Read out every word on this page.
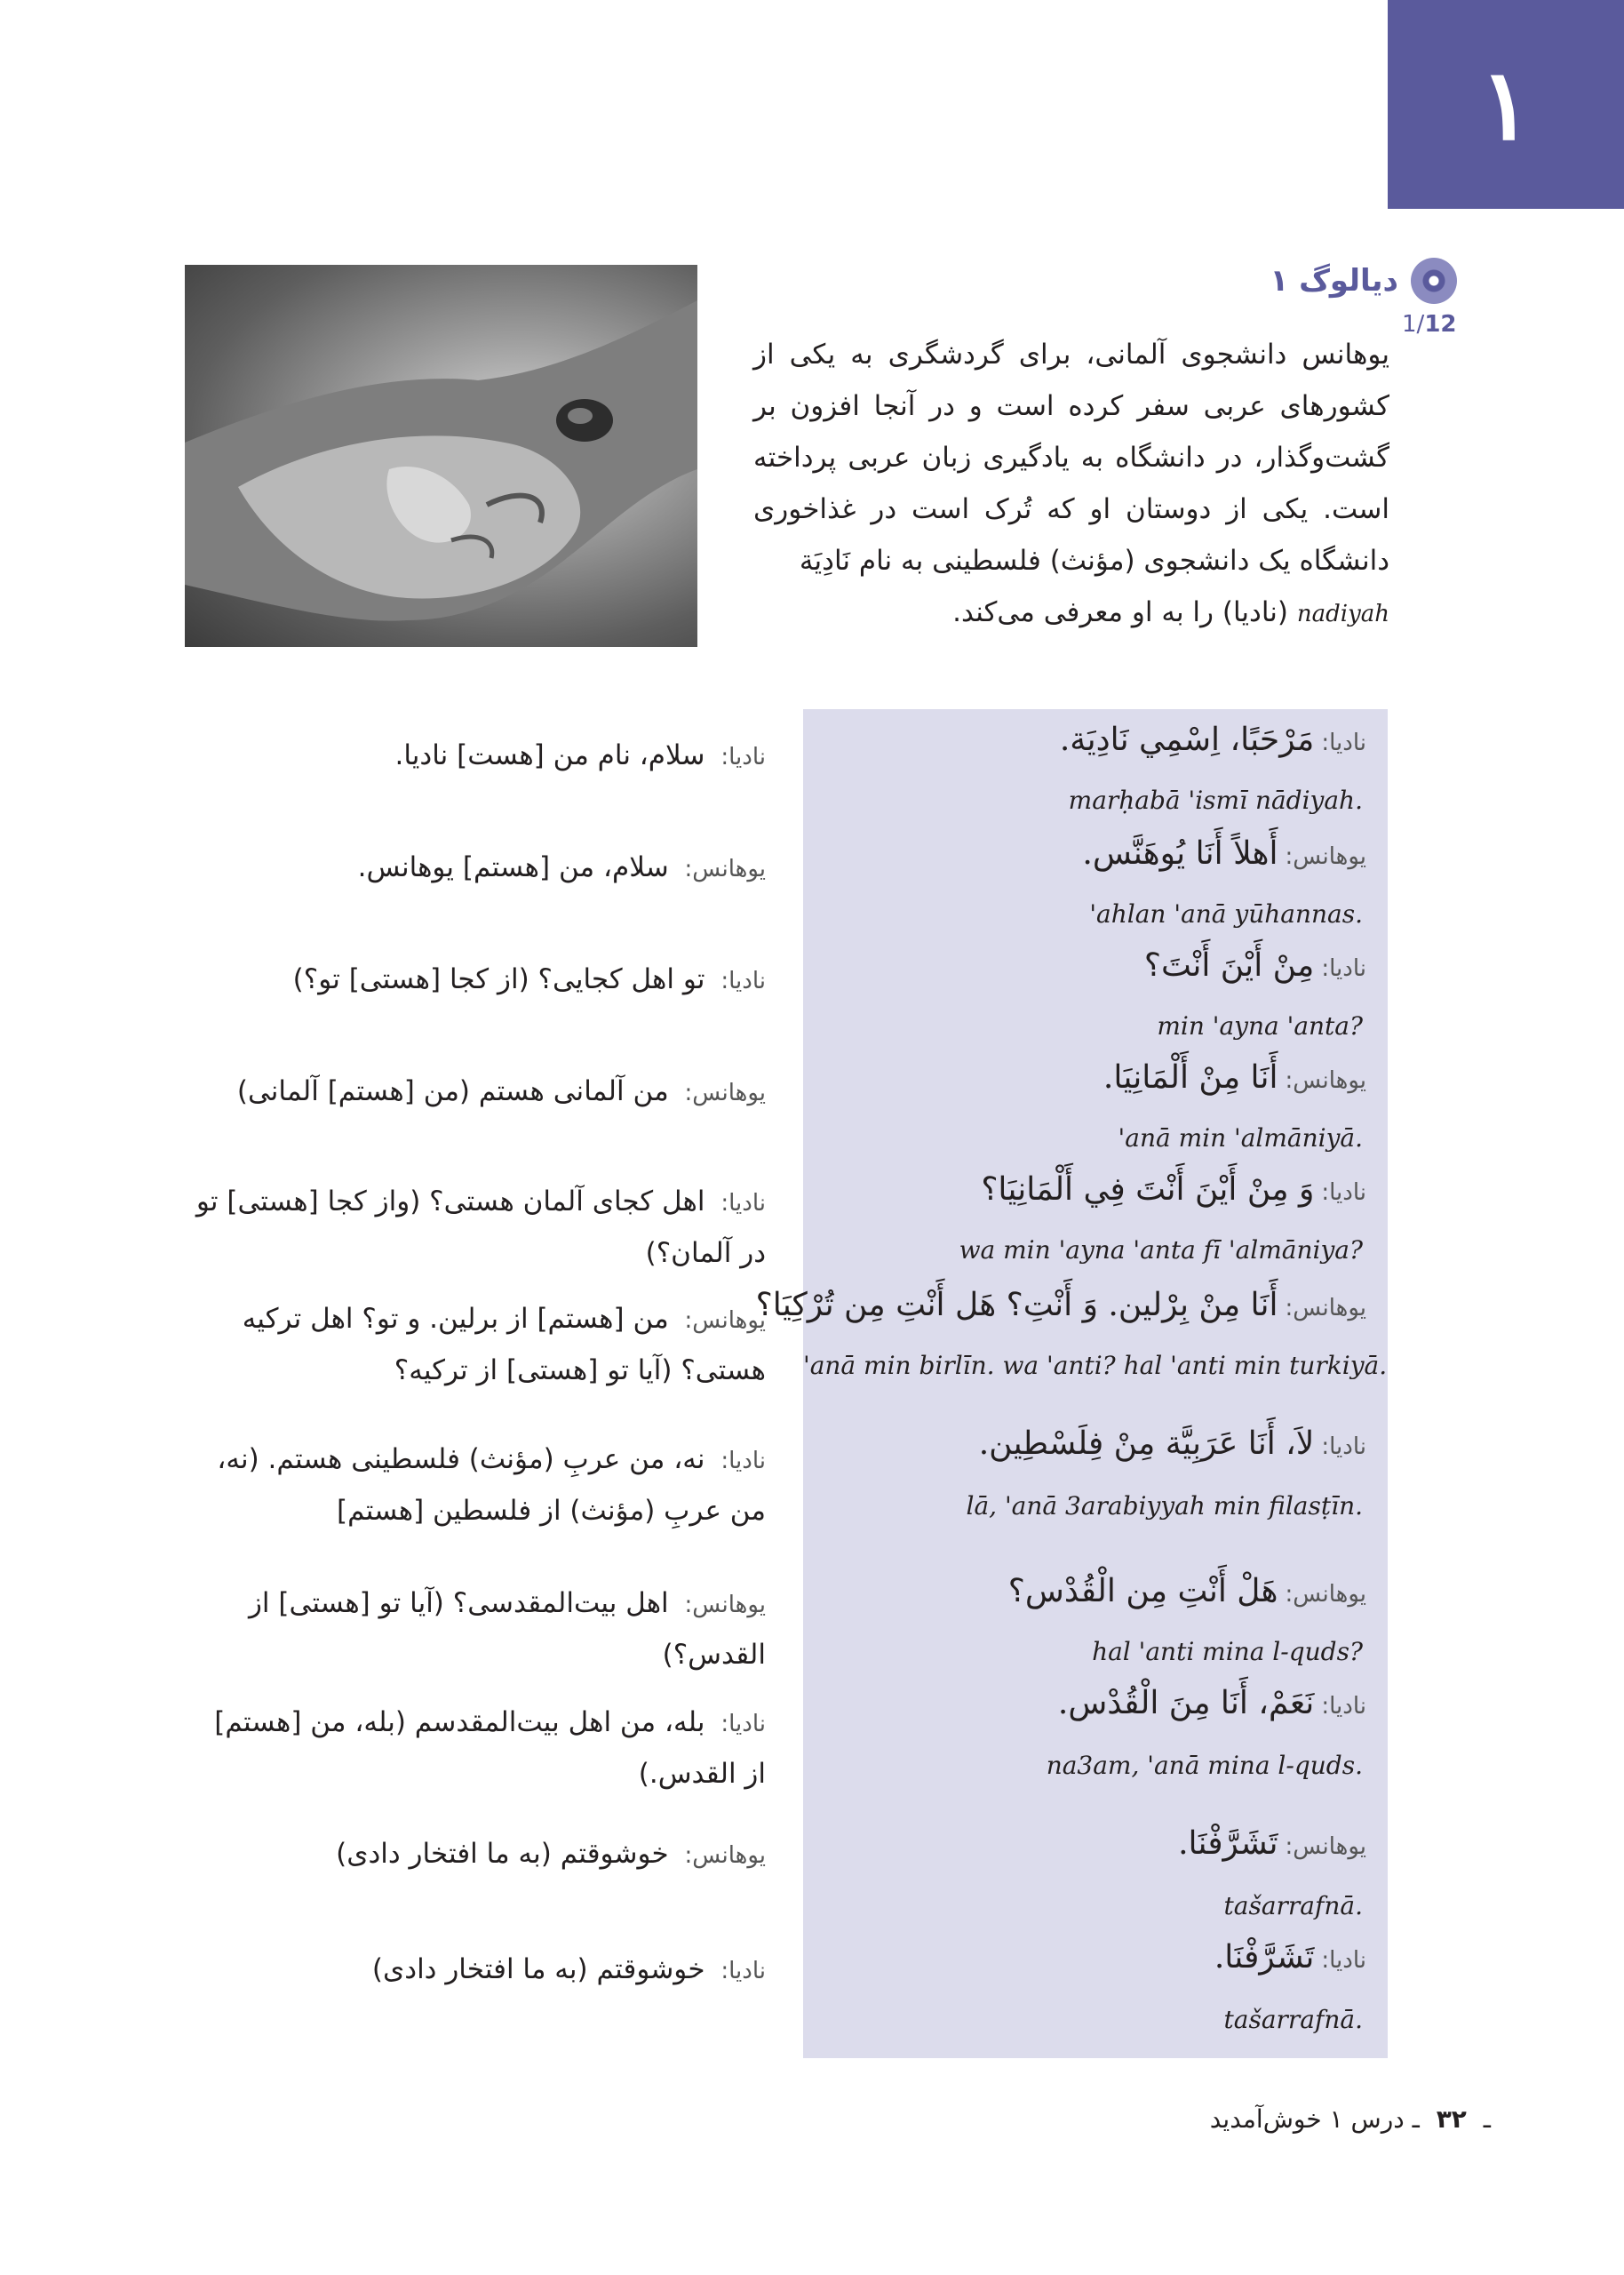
۱
دیالوگ ۱
1/12
یوهانس دانشجوی آلمانی، برای گردشگری به یکی از کشورهای عربی سفر کرده است و در آنجا افزون بر گشت‌وگذار، در دانشگاه به یادگیری زبان عربی پرداخته است. یکی از دوستان او که تُرک است در غذاخوری دانشگاه یک دانشجوی (مؤنث) فلسطینی به نام نَادِيَة
nadiyah (نادیا) را به او معرفی می‌کند.
نادیا:مَرْحَبًا، اِسْمِي نَادِيَة.
marḥabā 'ismī nādiyah.
نادیا: سلام، نام من [هست] نادیا.
یوهانس:أَهلاً أَنَا يُوهَنَّس.
'ahlan 'anā yūhannas.
یوهانس: سلام، من [هستم] یوهانس.
نادیا:مِنْ أَيْنَ أَنْتَ؟
min 'ayna 'anta?
نادیا: تو اهل کجایی؟ (از کجا [هستی] تو؟)
یوهانس:أَنَا مِنْ أَلْمَانِيَا.
'anā min 'almāniyā.
یوهانس: من آلمانی هستم (من [هستم] آلمانی)
نادیا:وَ مِنْ أَيْنَ أَنْتَ فِي أَلْمَانِيَا؟
wa min 'ayna 'anta fī 'almāniya?
نادیا: اهل کجای آلمان هستی؟ (واز کجا [هستی] تو در آلمان؟)
یوهانس:أَنَا مِنْ بِرْلين. وَ أَنْتِ؟ هَل أَنْتِ مِن تُرْكِيَا؟
'anā min birlīn. wa 'anti? hal 'anti min turkiyā.
یوهانس: من [هستم] از برلین. و تو؟ اهل ترکیه هستی؟ (آیا تو [هستی] از ترکیه؟
نادیا:لاَ، أَنَا عَرَبِيَّة مِنْ فِلَسْطِين.
lā, 'anā 3arabiyyah min filasṭīn.
نادیا: نه، من عربِ (مؤنث) فلسطینی هستم. (نه، من عربِ (مؤنث) از فلسطین [هستم]
یوهانس:هَلْ أَنْتِ مِن الْقُدْس؟
hal 'anti mina l-quds?
یوهانس: اهل بیت‌المقدسی؟ (آیا تو [هستی] از القدس؟)
نادیا:نَعَمْ، أَنَا مِنَ الْقُدْس.
na3am, 'anā mina l-quds.
نادیا: بله، من اهل بیت‌المقدسم (بله، من [هستم] از القدس.)
یوهانس:تَشَرَّفْنَا.
tašarrafnā.
یوهانس: خوشوقتم (به ما افتخار دادی)
نادیا:تَشَرَّفْنَا.
tašarrafnā.
نادیا: خوشوقتم (به ما افتخار دادی)
ـ ۳۲ ـ درس ۱ خوش‌آمدید
